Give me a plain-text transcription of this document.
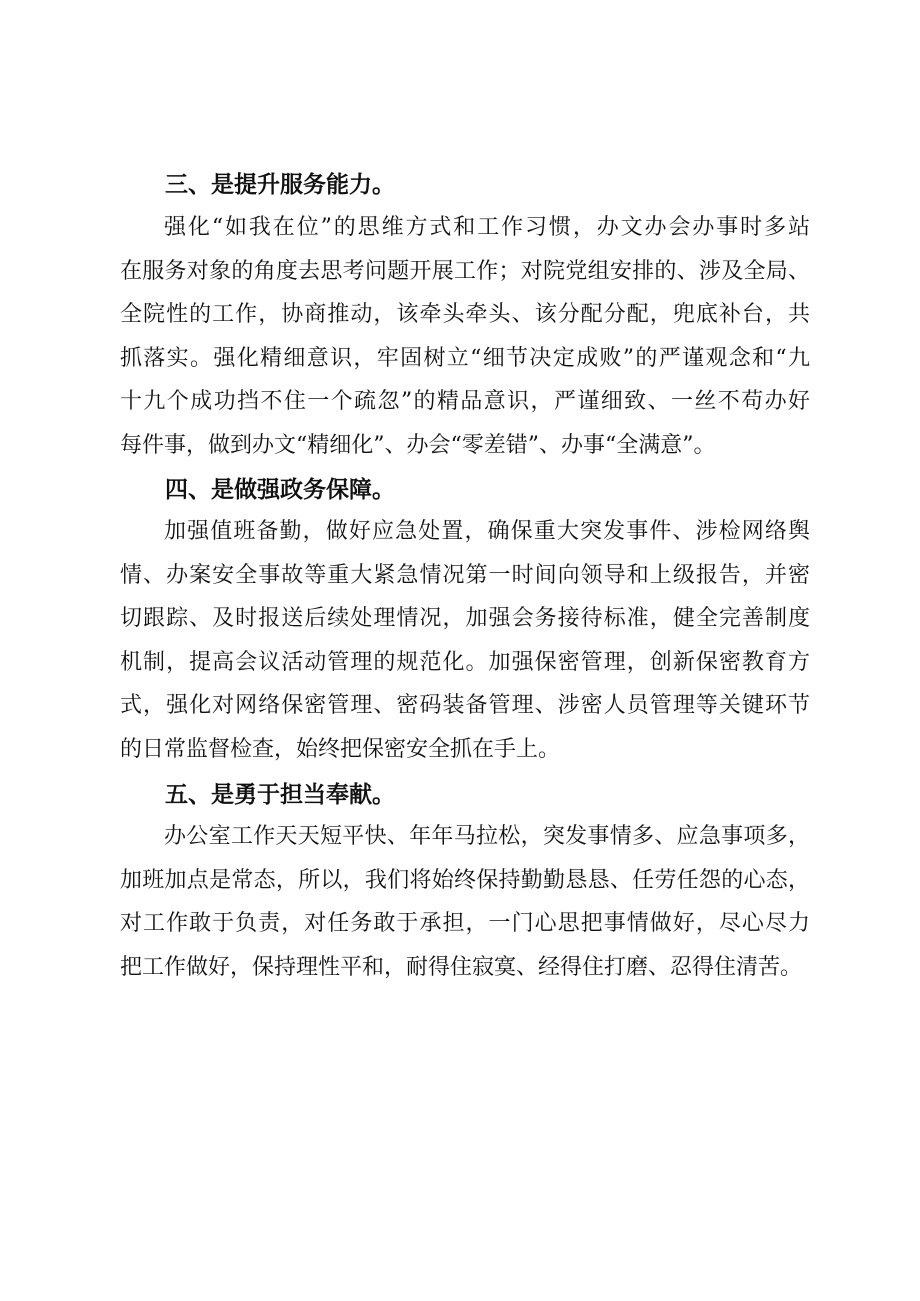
三、是提升服务能力。
强化“如我在位”的思维方式和工作习惯，办文办会办事时多站
在服务对象的角度去思考问题开展工作；对院党组安排的、涉及全局、
全院性的工作，协商推动，该牵头牵头、该分配分配，兜底补台，共
抓落实。强化精细意识，牢固树立“细节决定成败”的严谨观念和“九
十九个成功挡不住一个疏忽”的精品意识，严谨细致、一丝不苟办好
每件事，做到办文“精细化”、办会“零差错”、办事“全满意”。
四、是做强政务保障。
加强值班备勤，做好应急处置，确保重大突发事件、涉检网络舆
情、办案安全事故等重大紧急情况第一时间向领导和上级报告，并密
切跟踪、及时报送后续处理情况，加强会务接待标准，健全完善制度
机制，提高会议活动管理的规范化。加强保密管理，创新保密教育方
式，强化对网络保密管理、密码装备管理、涉密人员管理等关键环节
的日常监督检查，始终把保密安全抓在手上。
五、是勇于担当奉献。
办公室工作天天短平快、年年马拉松，突发事情多、应急事项多，
加班加点是常态，所以，我们将始终保持勤勤恳恳、任劳任怨的心态，
对工作敢于负责，对任务敢于承担，一门心思把事情做好，尽心尽力
把工作做好，保持理性平和，耐得住寂寞、经得住打磨、忍得住清苦。
